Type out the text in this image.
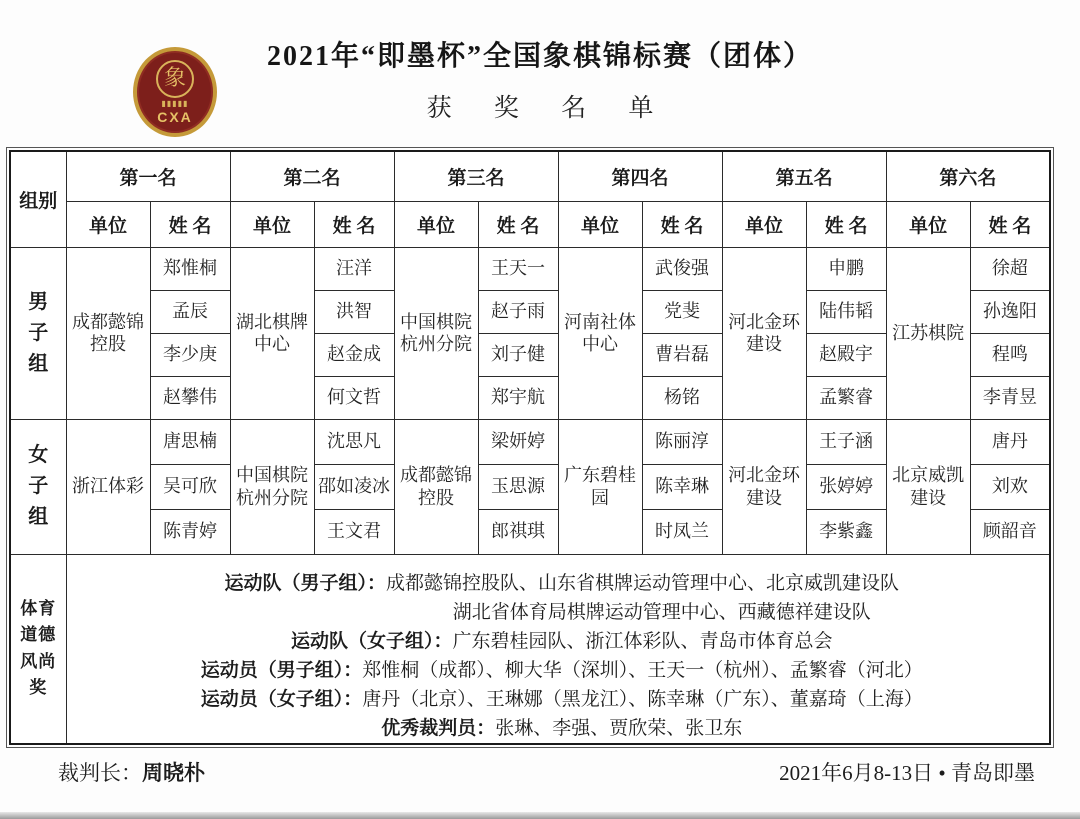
象
▮▮▮▮▮
CXA
2021年“即墨杯”全国象棋锦标赛（团体）
获 奖 名 单
组别	第一名		第二名		第三名		第四名		第五名		第六名	
	单位	姓 名	单位	姓 名	单位	姓 名	单位	姓 名	单位	姓 名	单位	姓 名

男子组	成都懿锦控股	郑惟桐	湖北棋牌中心	汪洋	中国棋院杭州分院	王天一	河南社体中心	武俊强	河北金环建设	申鹏	江苏棋院	徐超
		孟辰		洪智		赵子雨		党斐		陆伟韬		孙逸阳
		李少庚		赵金成		刘子健		曹岩磊		赵殿宇		程鸣
		赵攀伟		何文哲		郑宇航		杨铭		孟繁睿		李青昱

女子组	浙江体彩	唐思楠	中国棋院杭州分院	沈思凡	成都懿锦控股	梁妍婷	广东碧桂园	陈丽淳	河北金环建设	王子涵	北京威凯建设	唐丹
		吴可欣		邵如凌冰		玉思源		陈幸琳		张婷婷		刘欢
		陈青婷		王文君		郎祺琪		时凤兰		李紫鑫		顾韶音

体育道德风尚奖

运动队（男子组）：成都懿锦控股队、山东省棋牌运动管理中心、北京威凯建设队
湖北省体育局棋牌运动管理中心、西藏德祥建设队
运动队（女子组）：广东碧桂园队、浙江体彩队、青岛市体育总会
运动员（男子组）：郑惟桐（成都）、柳大华（深圳）、王天一（杭州）、孟繁睿（河北）
运动员（女子组）：唐丹（北京）、王琳娜（黑龙江）、陈幸琳（广东）、董嘉琦（上海）
优秀裁判员：张琳、李强、贾欣荣、张卫东
裁判长：周晓朴	2021年6月8-13日 • 青岛即墨
